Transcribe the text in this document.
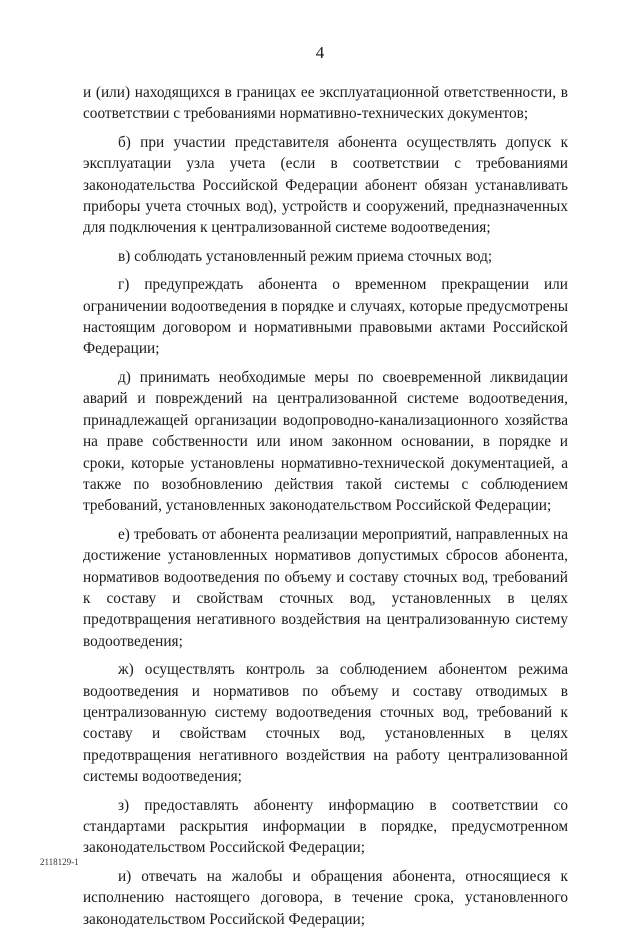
4

и (или) находящихся в границах ее эксплуатационной ответственности, в соответствии с требованиями нормативно-технических документов;

б) при участии представителя абонента осуществлять допуск к эксплуатации узла учета (если в соответствии с требованиями законодательства Российской Федерации абонент обязан устанавливать приборы учета сточных вод), устройств и сооружений, предназначенных для подключения к централизованной системе водоотведения;

в) соблюдать установленный режим приема сточных вод;

г) предупреждать абонента о временном прекращении или ограничении водоотведения в порядке и случаях, которые предусмотрены настоящим договором и нормативными правовыми актами Российской Федерации;

д) принимать необходимые меры по своевременной ликвидации аварий и повреждений на централизованной системе водоотведения, принадлежащей организации водопроводно-канализационного хозяйства на праве собственности или ином законном основании, в порядке и сроки, которые установлены нормативно-технической документацией, а также по возобновлению действия такой системы с соблюдением требований, установленных законодательством Российской Федерации;

е) требовать от абонента реализации мероприятий, направленных на достижение установленных нормативов допустимых сбросов абонента, нормативов водоотведения по объему и составу сточных вод, требований к составу и свойствам сточных вод, установленных в целях предотвращения негативного воздействия на централизованную систему водоотведения;

ж) осуществлять контроль за соблюдением абонентом режима водоотведения и нормативов по объему и составу отводимых в централизованную систему водоотведения сточных вод, требований к составу и свойствам сточных вод, установленных в целях предотвращения негативного воздействия на работу централизованной системы водоотведения;

з) предоставлять абоненту информацию в соответствии со стандартами раскрытия информации в порядке, предусмотренном законодательством Российской Федерации;

и) отвечать на жалобы и обращения абонента, относящиеся к исполнению настоящего договора, в течение срока, установленного законодательством Российской Федерации;

2118129-1
